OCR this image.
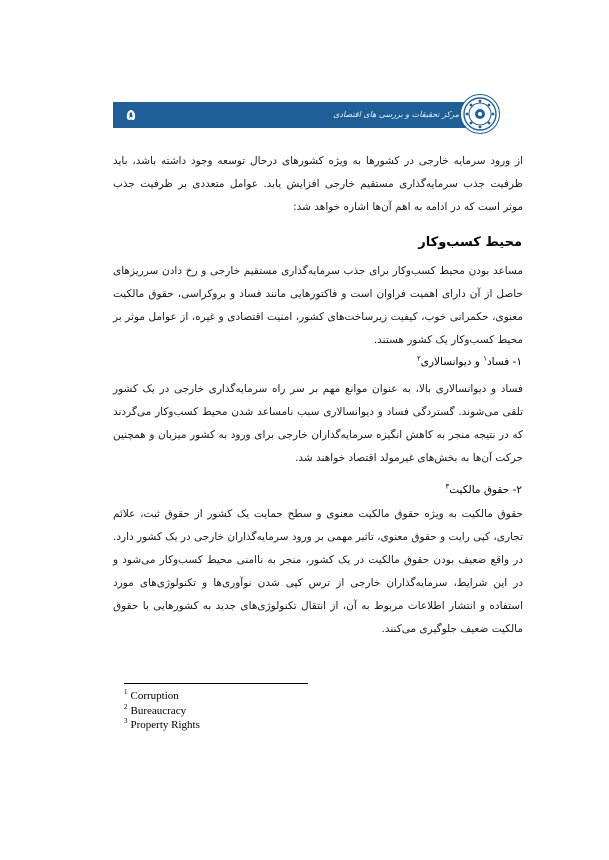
۵	مرکز تحقیقات و بررسی های اقتصادی
از ورود سرمایه خارجی در کشورها به ویژه کشورهای درحال توسعه وجود داشته باشد، باید ظرفیت جذب سرمایه‌گذاری مستقیم خارجی افزایش یابد. عوامل متعددی بر ظرفیت جذب موثر است که در ادامه به اهم آن‌ها اشاره خواهد شد:
محیط کسب‌وکار
مساعد بودن محیط کسب‌وکار برای جذب سرمایه‌گذاری مستقیم خارجی و رخ دادن سرریزهای حاصل از آن دارای اهمیت فراوان است و فاکتورهایی مانند فساد و بروکراسی، حقوق مالکیت معنوی، حکمرانی خوب، کیفیت زیرساخت‌های کشور، امنیت اقتصادی و غیره، از عوامل موثر بر محیط کسب‌وکار یک کشور هستند.
۱- فساد$^۱$ و دیوانسالاری$^۲$
فساد و دیوانسالاری بالا، به عنوان موانع مهم بر سر راه سرمایه‌گذاری خارجی در یک کشور تلقی می‌شوند. گستردگی فساد و دیوانسالاری سبب نامساعد شدن محیط کسب‌وکار می‌گردند که در نتیجه منجر به کاهش انگیزه سرمایه‌گذاران خارجی برای ورود به کشور میزبان و همچنین حرکت آن‌ها به بخش‌های غیرمولد اقتصاد خواهند شد.
۲- حقوق مالکیت$^۳$
حقوق مالکیت به ویژه حقوق مالکیت معنوی و سطح حمایت یک کشور از حقوق ثبت، علائم تجاری، کپی رایت و حقوق معنوی، تاثیر مهمی بر ورود سرمایه‌گذاران خارجی در یک کشور دارد. در واقع ضعیف بودن حقوق مالکیت در یک کشور، منجر به ناامنی محیط کسب‌وکار می‌شود و در این شرایط، سرمایه‌گذاران خارجی از ترس کپی شدن نوآوری‌ها و تکنولوژی‌های مورد استفاده و انتشار اطلاعات مربوط به آن، از انتقال تکنولوژی‌های جدید به کشورهایی با حقوق مالکیت ضعیف جلوگیری می‌کنند.
$^1$ Corruption
$^2$ Bureaucracy
$^3$ Property Rights
